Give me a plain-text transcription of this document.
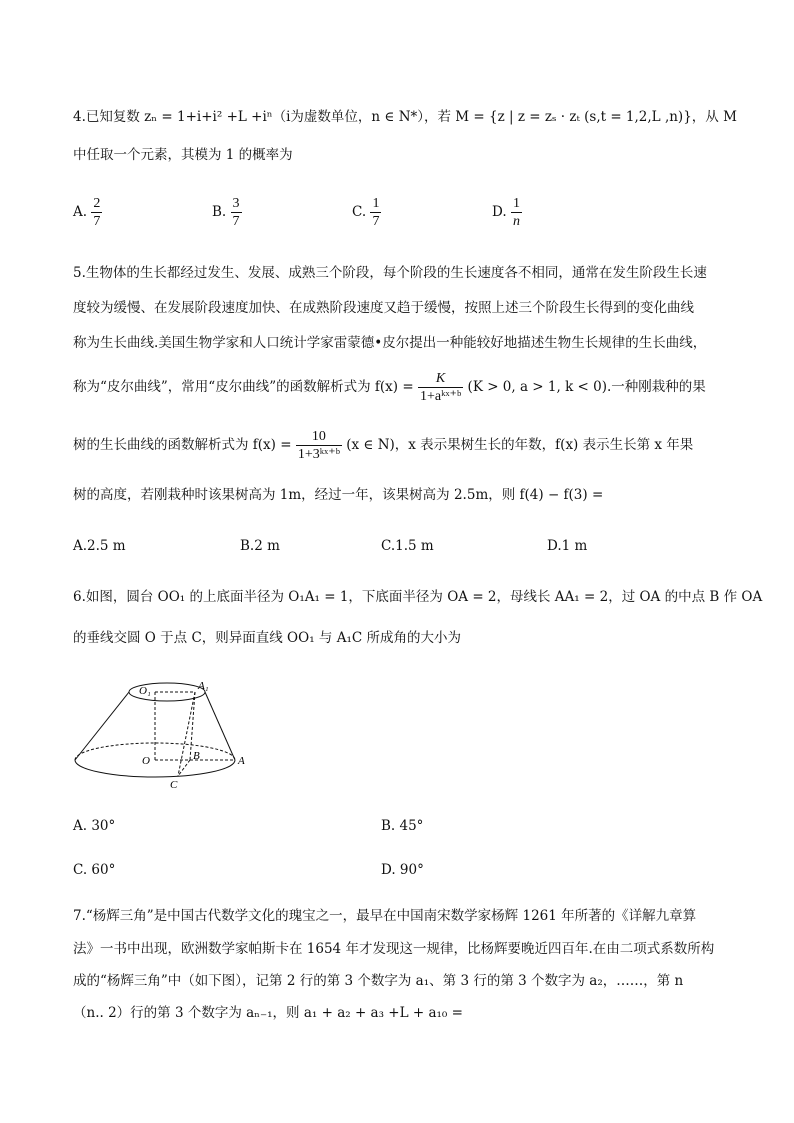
4.已知复数 zₙ = 1+i+i² +L +iⁿ（i为虚数单位，n ∈ N*），若 M = {z | z = zₛ · zₜ (s,t = 1,2,L ,n)}，从 M
中任取一个元素，其模为 1 的概率为
A. $\frac{2}{7}$	B. $\frac{3}{7}$	C. $\frac{1}{7}$	D. $\frac{1}{n}$
5.生物体的生长都经过发生、发展、成熟三个阶段，每个阶段的生长速度各不相同，通常在发生阶段生长速
度较为缓慢、在发展阶段速度加快、在成熟阶段速度又趋于缓慢，按照上述三个阶段生长得到的变化曲线
称为生长曲线.美国生物学家和人口统计学家雷蒙德•皮尔提出一种能较好地描述生物生长规律的生长曲线，
称为“皮尔曲线”，常用“皮尔曲线”的函数解析式为 $f(x) = \frac{K}{\text{1+aᵏˣ⁺ᵇ}} (K > 0$, a > 1, k < 0).一种刚栽种的果
树的生长曲线的函数解析式为 $f(x) = \frac{10}{\text{1+3ᵏˣ⁺ᵇ}} (x$ ∈ N)，x 表示果树生长的年数，f(x) 表示生长第 x 年果
树的高度，若刚栽种时该果树高为 1m，经过一年，该果树高为 2.5m，则 f(4) − f(3) =
A.2.5 m	B.2 m	C.1.5 m	D.1 m
6.如图，圆台 OO₁ 的上底面半径为 O₁A₁ = 1，下底面半径为 OA = 2，母线长 AA₁ = 2，过 OA 的中点 B 作 OA
的垂线交圆 O 于点 C，则异面直线 OO₁ 与 A₁C 所成角的大小为
O₁	A₁
O	B	A
C
A. 30°	B. 45°
C. 60°	D. 90°
7.“杨辉三角”是中国古代数学文化的瑰宝之一，最早在中国南宋数学家杨辉 1261 年所著的《详解九章算
法》一书中出现，欧洲数学家帕斯卡在 1654 年才发现这一规律，比杨辉要晚近四百年.在由二项式系数所构
成的“杨辉三角”中（如下图），记第 2 行的第 3 个数字为 a₁、第 3 行的第 3 个数字为 a₂，……，第 n
（n.. 2）行的第 3 个数字为 aₙ₋₁，则 a₁ + a₂ + a₃ +L + a₁₀ =
